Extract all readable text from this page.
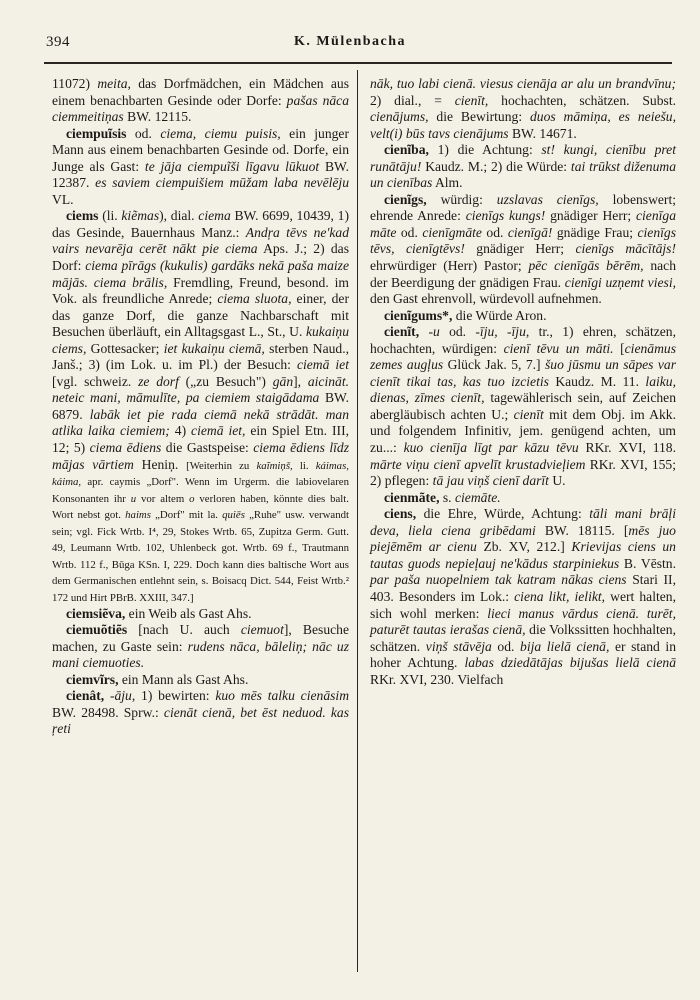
394	K. Mülenbacha

11072) meita, das Dorfmädchen, ein Mädchen aus einem benachbarten Gesinde oder Dorfe: pašas nāca ciemmeitiņas BW. 12115.

ciempuĩsis od. ciema, ciemu puisis, ein junger Mann aus einem benachbarten Gesinde od. Dorfe, ein Junge als Gast: te jāja ciempuĩši līgavu lūkuot BW. 12387. es saviem ciempuišiem mūžam laba nevēlēju VL.

ciems (li. kiẽmas), dial. ciema BW. 6699, 10439, 1) das Gesinde, Bauernhaus Manz.: Andŗa tēvs ne'kad vairs nevarēja cerēt nākt pie ciema Aps. J.; 2) das Dorf: ciema pīrāgs (kukulis) gardāks nekā paša maize mājās. ciema brālis, Fremdling, Freund, besond. im Vok. als freundliche Anrede; ciema sluota, einer, der das ganze Dorf, die ganze Nachbarschaft mit Besuchen überläuft, ein Alltagsgast L., St., U. kukaiņu ciems, Gottesacker; iet kukaiņu ciemā, sterben Naud., Janš.; 3) (im Lok. u. im Pl.) der Besuch: ciemā iet [vgl. schweiz. ze dorf („zu Besuch") gān], aicināt. neteic mani, māmulīte, pa ciemiem staigādama BW. 6879. labāk iet pie rada ciemā nekā strādāt. man atlika laika ciemiem; 4) ciemā iet, ein Spiel Etn. III, 12; 5) ciema ēdiens die Gastspeise: ciema ēdiens līdz mājas vārtiem Heniņ. [Weiterhin zu kaĩmiņš, li. káimas, káima, apr. caymis „Dorf". Wenn im Urgerm. die labiovelaren Konsonanten ihr u vor altem o verloren haben, könnte dies balt. Wort nebst got. haims „Dorf" mit la. quiēs „Ruhe" usw. verwandt sein; vgl. Fick Wrtb. I⁴, 29, Stokes Wrtb. 65, Zupitza Germ. Gutt. 49, Leumann Wrtb. 102, Uhlenbeck got. Wrtb. 69 f., Trautmann Wrtb. 112 f., Būga KSn. I, 229. Doch kann dies baltische Wort aus dem Germanischen entlehnt sein, s. Boisacq Dict. 544, Feist Wrtb.² 172 und Hirt PBrB. XXIII, 347.]

ciemsiẽva, ein Weib als Gast Ahs.

ciemuõtiẽs [nach U. auch ciemuot], Besuche machen, zu Gaste sein: rudens nāca, bāleliņ; nāc uz mani ciemuoties.

ciemvĩrs, ein Mann als Gast Ahs.

cienât, -āju, 1) bewirten: kuo mēs talku cienāsim BW. 28498. Sprw.: cienāt cienā, bet ēst neduod. kas ŗeti

nāk, tuo labi cienā. viesus cienāja ar alu un brandvīnu; 2) dial., = cienīt, hochachten, schätzen. Subst. cienājums, die Bewirtung: duos māmiņa, es neiešu, velt(i) būs tavs cienājums BW. 14671.

cienĩba, 1) die Achtung: st! kungi, cienību pret runātāju! Kaudz. M.; 2) die Würde: tai trūkst diženuma un cienības Alm.

cienĩgs, würdig: uzslavas cienīgs, lobenswert; ehrende Anrede: cienīgs kungs! gnädiger Herr; cienīga māte od. cienīgmāte od. cienīgā! gnädige Frau; cienīgs tēvs, cienīgtēvs! gnädiger Herr; cienīgs mācītājs! ehrwürdiger (Herr) Pastor; pēc cienīgās bērēm, nach der Beerdigung der gnädigen Frau. cienīgi uzņemt viesi, den Gast ehrenvoll, würdevoll aufnehmen.

cienĩgums*, die Würde Aron.

cienĩt, -u od. -īju, -īju, tr., 1) ehren, schätzen, hochachten, würdigen: cienī tēvu un māti. [cienāmus zemes augļus Glück Jak. 5, 7.] šuo jūsmu un sāpes var cienīt tikai tas, kas tuo izcietis Kaudz. M. 11. laiku, dienas, zīmes cienīt, tagewählerisch sein, auf Zeichen abergläubisch achten U.; cienīt mit dem Obj. im Akk. und folgendem Infinitiv, jem. genügend achten, um zu...: kuo cienīja līgt par kāzu tēvu RKr. XVI, 118. mārte viņu cienī apvelīt krustadvieļiem RKr. XVI, 155; 2) pflegen: tā jau viņš cienī darīt U.

cienmãte, s. ciemāte.

ciens, die Ehre, Würde, Achtung: tāli mani brāļi deva, liela ciena gribēdami BW. 18115. [mēs juo piejēmēm ar cienu Zb. XV, 212.] Krievijas ciens un tautas guods nepieļauj ne'kādus starpiniekus B. Vēstn. par paša nuopelniem tak katram nākas ciens Stari II, 403. Besonders im Lok.: ciena likt, ielikt, wert halten, sich wohl merken: lieci manus vārdus cienā. turēt, paturēt tautas ierašas cienā, die Volkssitten hochhalten, schätzen. viņš stāvēja od. bija lielā cienā, er stand in hoher Achtung. labas dziedātājas bijušas lielā cienā RKr. XVI, 230. Vielfach
